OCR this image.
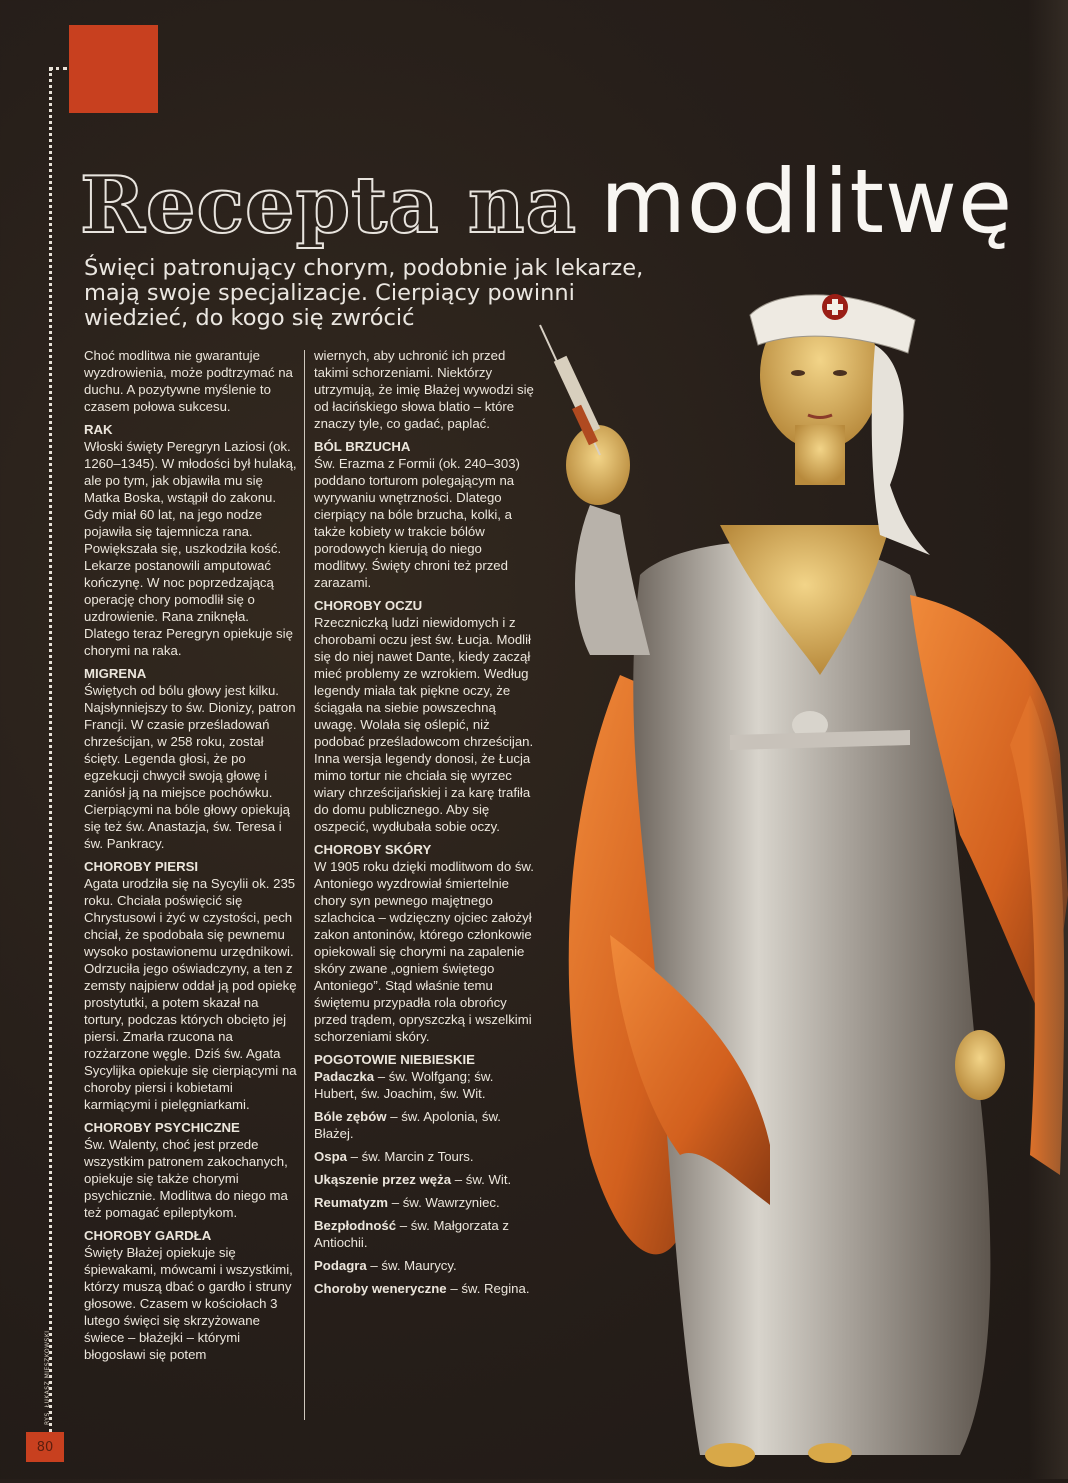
RYS. ŁUKASZ MIESZKOWSKI
80
Recepta na modlitwę
Święci patronujący chorym, podobnie jak lekarze, mają swoje specjalizacje. Cierpiący powinni wiedzieć, do kogo się zwrócić

Choć modlitwa nie gwarantuje wyzdrowienia, może podtrzymać na duchu. A pozytywne myślenie to czasem połowa sukcesu.

RAK

Włoski święty Peregryn Laziosi (ok. 1260–1345). W młodości był hulaką, ale po tym, jak objawiła mu się Matka Boska, wstąpił do zakonu. Gdy miał 60 lat, na jego nodze pojawiła się tajemnicza rana. Powiększała się, uszkodziła kość. Lekarze postanowili amputować kończynę. W noc poprzedzającą operację chory pomodlił się o uzdrowienie. Rana zniknęła. Dlatego teraz Peregryn opiekuje się chorymi na raka.

MIGRENA

Świętych od bólu głowy jest kilku. Najsłynniejszy to św. Dionizy, patron Francji. W czasie prześladowań chrześcijan, w 258 roku, został ścięty. Legenda głosi, że po egzekucji chwycił swoją głowę i zaniósł ją na miejsce pochówku. Cierpiącymi na bóle głowy opiekują się też św. Anastazja, św. Teresa i św. Pankracy.

CHOROBY PIERSI

Agata urodziła się na Sycylii ok. 235 roku. Chciała poświęcić się Chrystusowi i żyć w czystości, pech chciał, że spodobała się pewnemu wysoko postawionemu urzędnikowi. Odrzuciła jego oświadczyny, a ten z zemsty najpierw oddał ją pod opiekę prostytutki, a potem skazał na tortury, podczas których obcięto jej piersi. Zmarła rzucona na rozżarzone węgle. Dziś św. Agata Sycylijka opiekuje się cierpiącymi na choroby piersi i kobietami karmiącymi i pielęgniarkami.

CHOROBY PSYCHICZNE

Św. Walenty, choć jest przede wszystkim patronem zakochanych, opiekuje się także chorymi psychicznie. Modlitwa do niego ma też pomagać epileptykom.

CHOROBY GARDŁA

Święty Błażej opiekuje się śpiewakami, mówcami i wszystkimi, którzy muszą dbać o gardło i struny głosowe. Czasem w kościołach 3 lutego święci się skrzyżowane świece – błażejki – którymi błogosławi się potem

wiernych, aby uchronić ich przed takimi schorzeniami. Niektórzy utrzymują, że imię Błażej wywodzi się od łacińskiego słowa blatio – które znaczy tyle, co gadać, paplać.

BÓL BRZUCHA

Św. Erazma z Formii (ok. 240–303) poddano torturom polegającym na wyrywaniu wnętrzności. Dlatego cierpiący na bóle brzucha, kolki, a także kobiety w trakcie bólów porodowych kierują do niego modlitwy. Święty chroni też przed zarazami.

CHOROBY OCZU

Rzeczniczką ludzi niewidomych i z chorobami oczu jest św. Łucja. Modlił się do niej nawet Dante, kiedy zaczął mieć problemy ze wzrokiem. Według legendy miała tak piękne oczy, że ściągała na siebie powszechną uwagę. Wolała się oślepić, niż podobać prześladowcom chrześcijan. Inna wersja legendy donosi, że Łucja mimo tortur nie chciała się wyrzec wiary chrześcijańskiej i za karę trafiła do domu publicznego. Aby się oszpecić, wydłubała sobie oczy.

CHOROBY SKÓRY

W 1905 roku dzięki modlitwom do św. Antoniego wyzdrowiał śmiertelnie chory syn pewnego majętnego szlachcica – wdzięczny ojciec założył zakon antoninów, którego członkowie opiekowali się chorymi na zapalenie skóry zwane „ogniem świętego Antoniego”. Stąd właśnie temu świętemu przypadła rola obrońcy przed trądem, opryszczką i wszelkimi schorzeniami skóry.

POGOTOWIE NIEBIESKIE
Padaczka – św. Wolfgang; św. Hubert, św. Joachim, św. Wit.
Bóle zębów – św. Apolonia, św. Błażej.
Ospa – św. Marcin z Tours.
Ukąszenie przez węża – św. Wit.
Reumatyzm – św. Wawrzyniec.
Bezpłodność – św. Małgorzata z Antiochii.
Podagra – św. Maurycy.
Choroby weneryczne – św. Regina.
